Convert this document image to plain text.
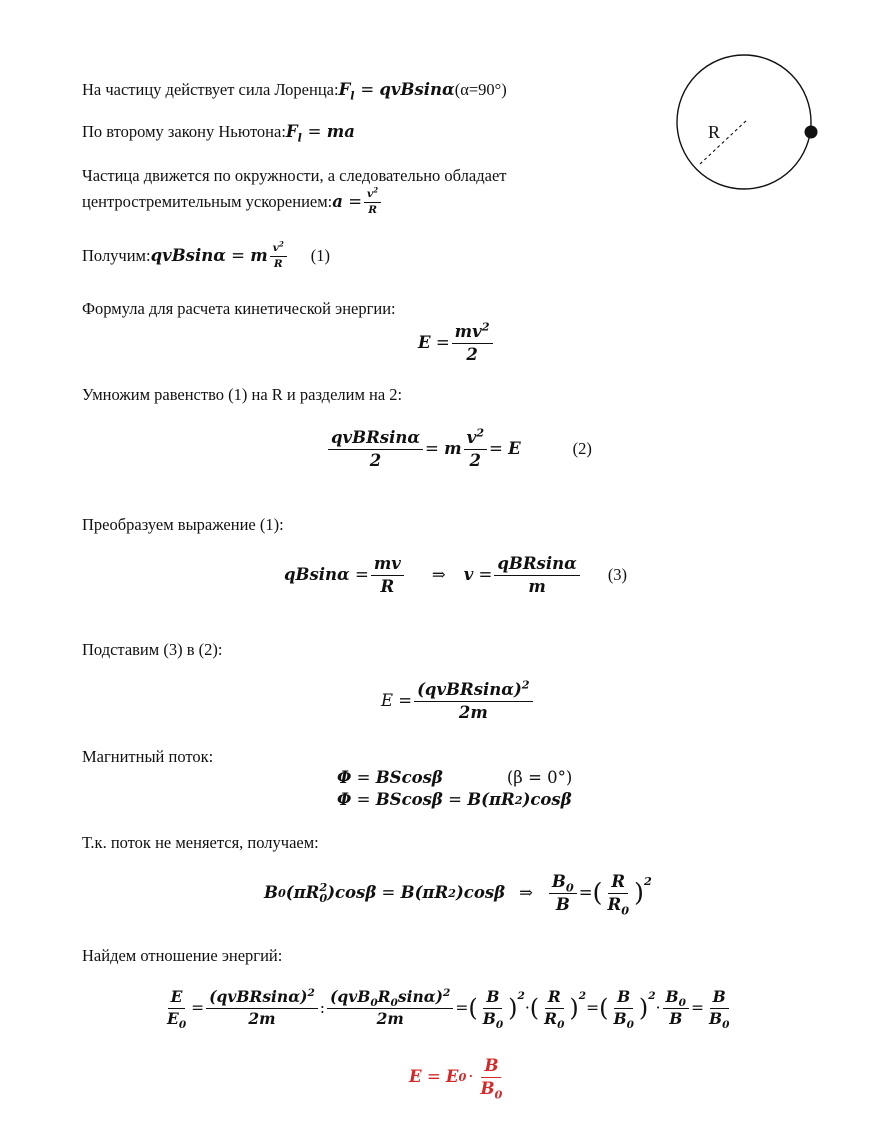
R
На частицу действует сила Лоренца: $F_l = qvBsin\alpha$ (α=90°)
По второму закону Ньютона: $F_l$ = ma
Частица движется по окружности, а следовательно обладает
центростремительным ускорением: $a = \frac{v^2}{R}$
Получим: qvBsinα = m $v^2$
R (1)
Формула для расчета кинетической энергии:
E
= $\frac{mv^2}{2}$
Умножим равенство (1) на R и разделим на 2:
qvBRsinα
2
=
m $\frac{v^2}{2}$ =
E	(2)
Преобразуем выражение (1):
qBsinα
= $\frac{mv}{R}$ ⇒ v
=
qBRsinα
m
(3)
Подставим (3) в (2):
E
=
(qvBRsinα)$^2$
2m
Магнитный поток:
Φ
=
BScosβ	(β = 0°)
Φ
=
BScosβ
=
B(πR 2 )cosβ
Т.к. поток не меняется, получаем:
B 0 (πR 2
0 )cosβ
=
B(πR 2 )cosβ ⇒ $\frac{B_0}{B}$ = ( R
$R_0$
)$^2$
Найдем отношение энергий:
$\frac{E}{E_0}$ =
(qvBRsinα)$^2$
2m
:
$(qvB_0R_0\sin\alpha)^2$
2m
= ( B
$B_0$
)$^2$
· ( R
$R_0$
)$^2$
= ( B
$B_0$
)$^2$
· $\frac{B_0}{B} = \frac{B}{B_0}$
E
=
E 0 ·
B
$B_0$
